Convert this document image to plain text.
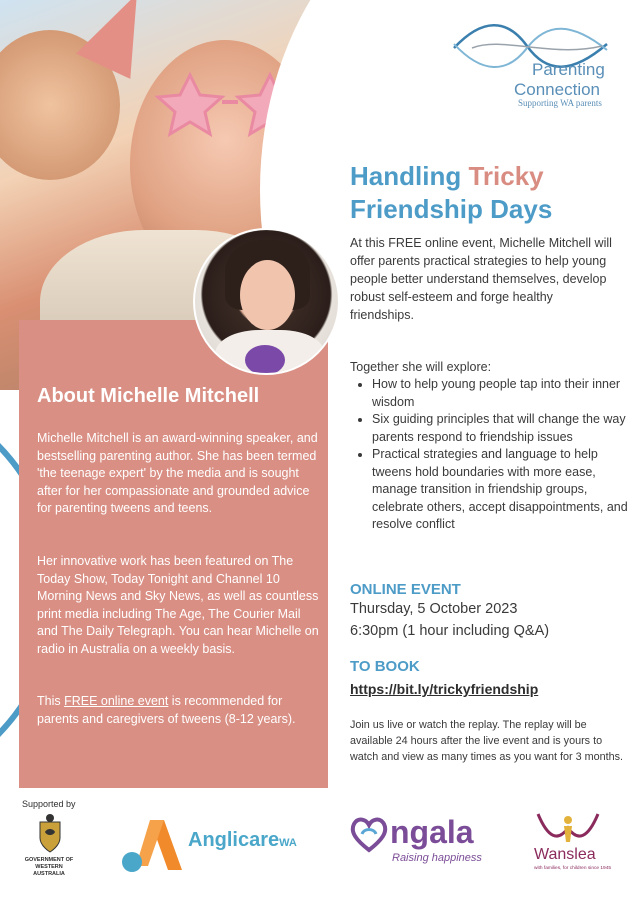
Parenting
Connection
Supporting WA parents
Handling Tricky
Friendship Days

At this FREE online event, Michelle Mitchell will offer parents practical strategies to help young people better understand themselves, develop robust self-esteem and forge healthy friendships.

Together she will explore:

• How to help young people tap into their inner wisdom
• Six guiding principles that will change the way parents respond to friendship issues
• Practical strategies and language to help tweens hold boundaries with more ease, manage transition in friendship groups, celebrate others, accept disappointments, and resolve conflict

ONLINE EVENT

Thursday, 5 October 2023

6:30pm (1 hour including Q&A)

TO BOOK

https://bit.ly/trickyfriendship

Join us live or watch the replay. The replay will be available 24 hours after the live event and is yours to watch and view as many times as you want for 3 months.

About Michelle Mitchell

Michelle Mitchell is an award-winning speaker, and bestselling parenting author. She has been termed 'the teenage expert' by the media and is sought after for her compassionate and grounded advice for parenting tweens and teens.

Her innovative work has been featured on The Today Show, Today Tonight and Channel 10 Morning News and Sky News, as well as countless print media including The Age, The Courier Mail and The Daily Telegraph. You can hear Michelle on radio in Australia on a weekly basis.

This FREE online event is recommended for parents and caregivers of tweens (8-12 years).

Supported by

GOVERNMENT OF
WESTERN AUSTRALIA
AnglicareWA	ngala
Raising happiness	Wanslea
with families, for children since 1945
